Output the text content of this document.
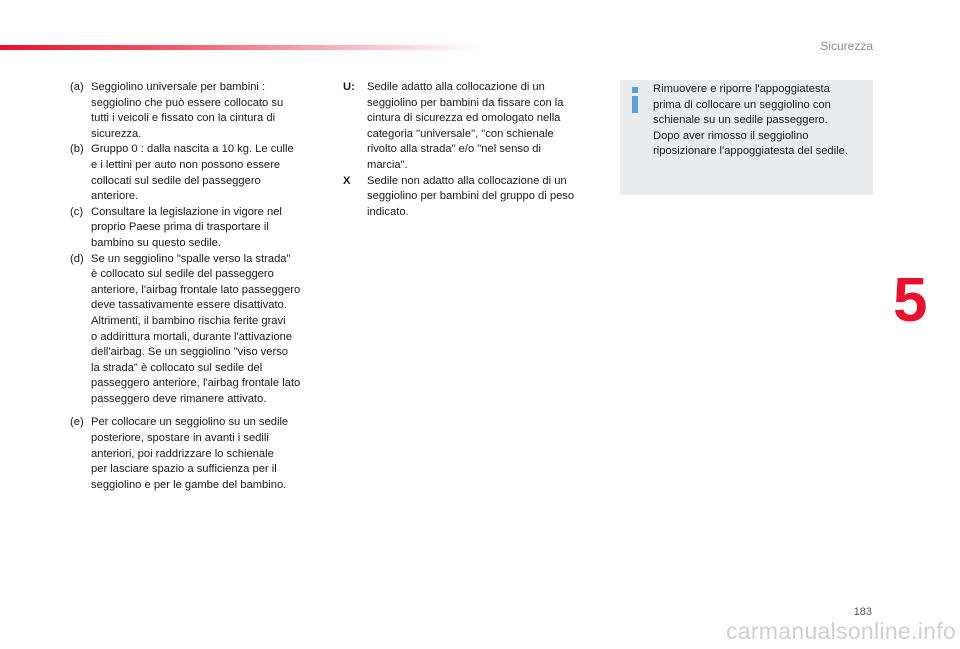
Sicurezza
5
(a) Seggiolino universale per bambini :
seggiolino che può essere collocato su
tutti i veicoli e fissato con la cintura di
sicurezza.
(b) Gruppo 0 : dalla nascita a 10 kg. Le culle
e i lettini per auto non possono essere
collocati sul sedile del passeggero
anteriore.
(c) Consultare la legislazione in vigore nel
proprio Paese prima di trasportare il
bambino su questo sedile.
(d) Se un seggiolino "spalle verso la strada"
è collocato sul sedile del passeggero
anteriore, l'airbag frontale lato passeggero
deve tassativamente essere disattivato.
Altrimenti, il bambino rischia ferite gravi
o addirittura mortali, durante l'attivazione
dell'airbag. Se un seggiolino "viso verso
la strada" è collocato sul sedile del
passeggero anteriore, l'airbag frontale lato
passeggero deve rimanere attivato.
(e) Per collocare un seggiolino su un sedile
posteriore, spostare in avanti i sedili
anteriori, poi raddrizzare lo schienale
per lasciare spazio a sufficienza per il
seggiolino e per le gambe del bambino.
U:	Sedile adatto alla collocazione di un
seggiolino per bambini da fissare con la
cintura di sicurezza ed omologato nella
categoria "universale", "con schienale
rivolto alla strada" e/o "nel senso di
marcia".
X	Sedile non adatto alla collocazione di un
seggiolino per bambini del gruppo di peso
indicato.
Rimuovere e riporre l'appoggiatesta
prima di collocare un seggiolino con
schienale su un sedile passeggero.
Dopo aver rimosso il seggiolino
riposizionare l'appoggiatesta del sedile.
183
carmanualsonline.info
